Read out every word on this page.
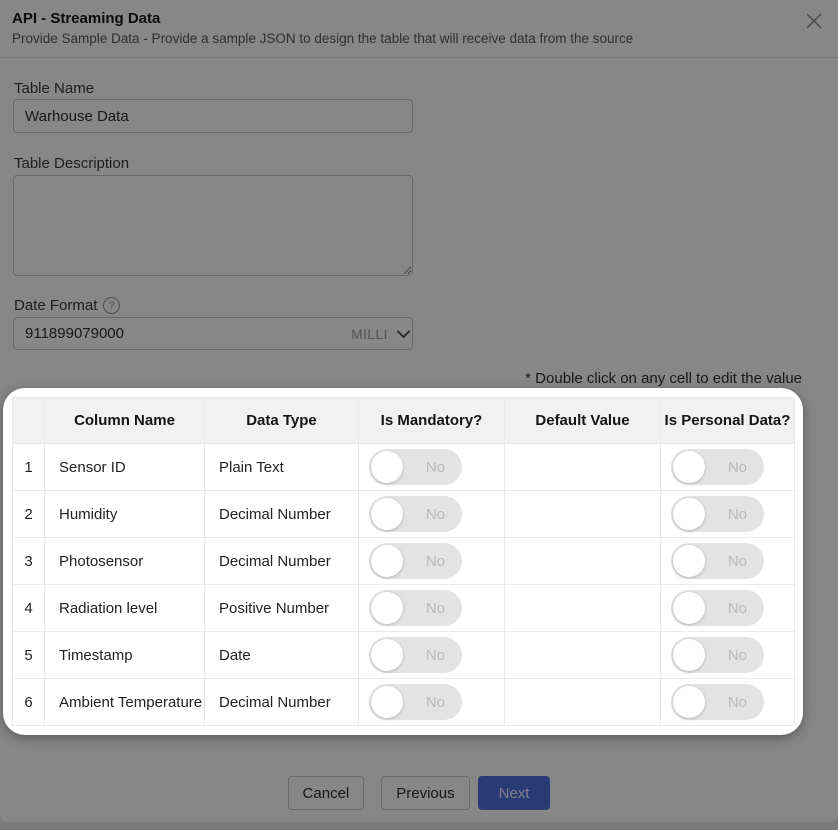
API - Streaming Data
Provide Sample Data - Provide a sample JSON to design the table that will receive data from the source
Table Name
Warhouse Data
Table Description
Date Format	?
911899079000
MILLI
* Double click on any cell to edit the value
	Column Name	Data Type	Is Mandatory?	Default Value	Is Personal Data?
1	Sensor ID	Plain Text	No		No

2	Humidity	Decimal Number	No		No

3	Photosensor	Decimal Number	No		No

4	Radiation level	Positive Number	No		No

5	Timestamp	Date	No		No

6	Ambient Temperature	Decimal Number	No		No
Cancel	Previous	Next
